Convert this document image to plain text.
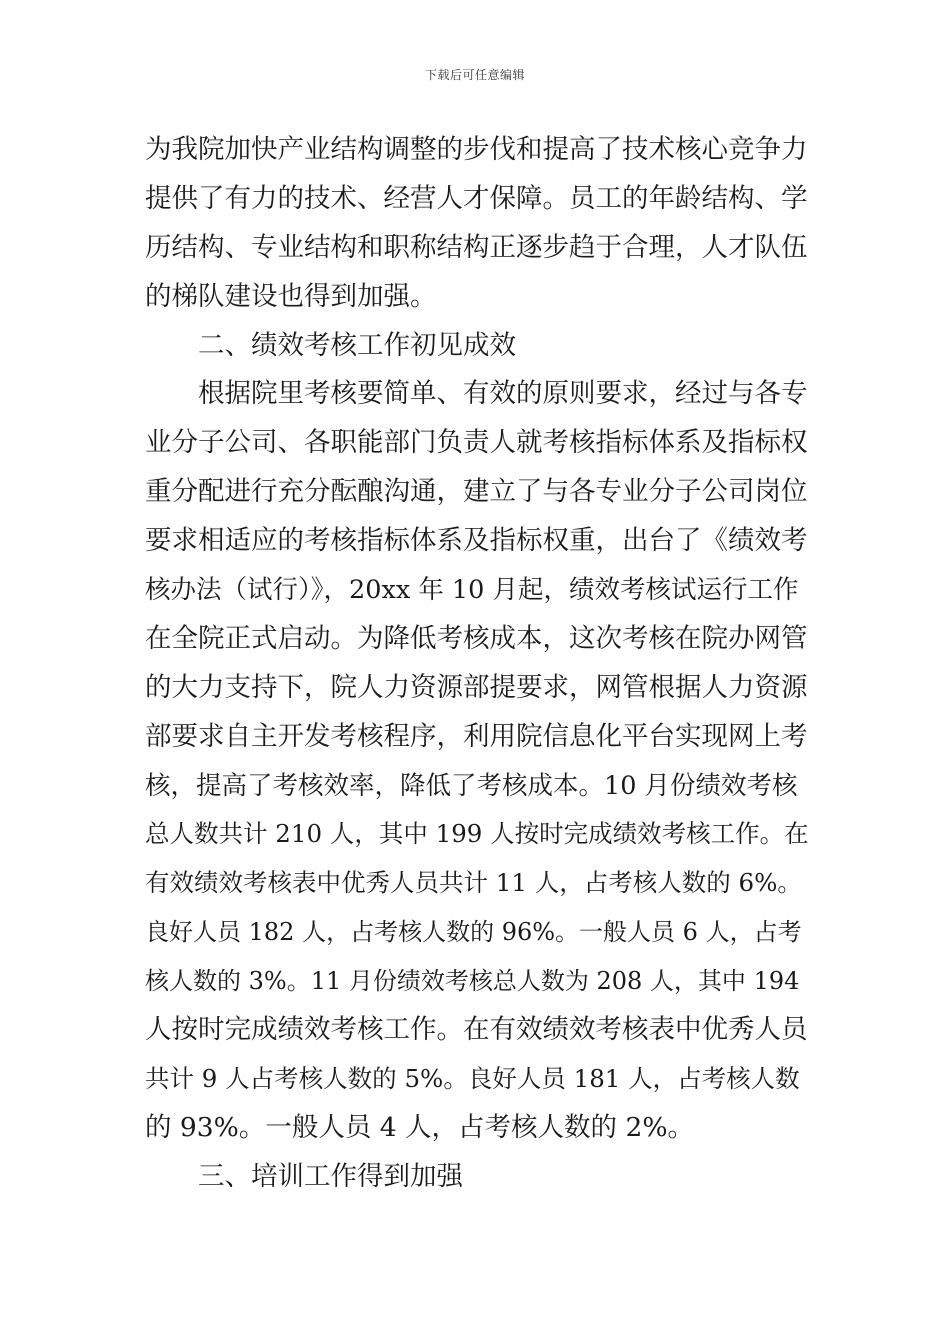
下载后可任意编辑
为我院加快产业结构调整的步伐和提高了技术核心竞争力
提供了有力的技术、经营人才保障。员工的年龄结构、学
历结构、专业结构和职称结构正逐步趋于合理，人才队伍
的梯队建设也得到加强。
二、绩效考核工作初见成效
根据院里考核要简单、有效的原则要求，经过与各专
业分子公司、各职能部门负责人就考核指标体系及指标权
重分配进行充分酝酿沟通，建立了与各专业分子公司岗位
要求相适应的考核指标体系及指标权重，出台了《绩效考
核办法（试行）》，20xx 年 10 月起，绩效考核试运行工作
在全院正式启动。为降低考核成本，这次考核在院办网管
的大力支持下，院人力资源部提要求，网管根据人力资源
部要求自主开发考核程序，利用院信息化平台实现网上考
核，提高了考核效率，降低了考核成本。10 月份绩效考核
总人数共计 210 人，其中 199 人按时完成绩效考核工作。在
有效绩效考核表中优秀人员共计 11 人，占考核人数的 6%。
良好人员 182 人，占考核人数的 96%。一般人员 6 人，占考
核人数的 3%。11 月份绩效考核总人数为 208 人，其中 194
人按时完成绩效考核工作。在有效绩效考核表中优秀人员
共计 9 人占考核人数的 5%。良好人员 181 人，占考核人数
的 93%。一般人员 4 人，占考核人数的 2%。
三、培训工作得到加强
